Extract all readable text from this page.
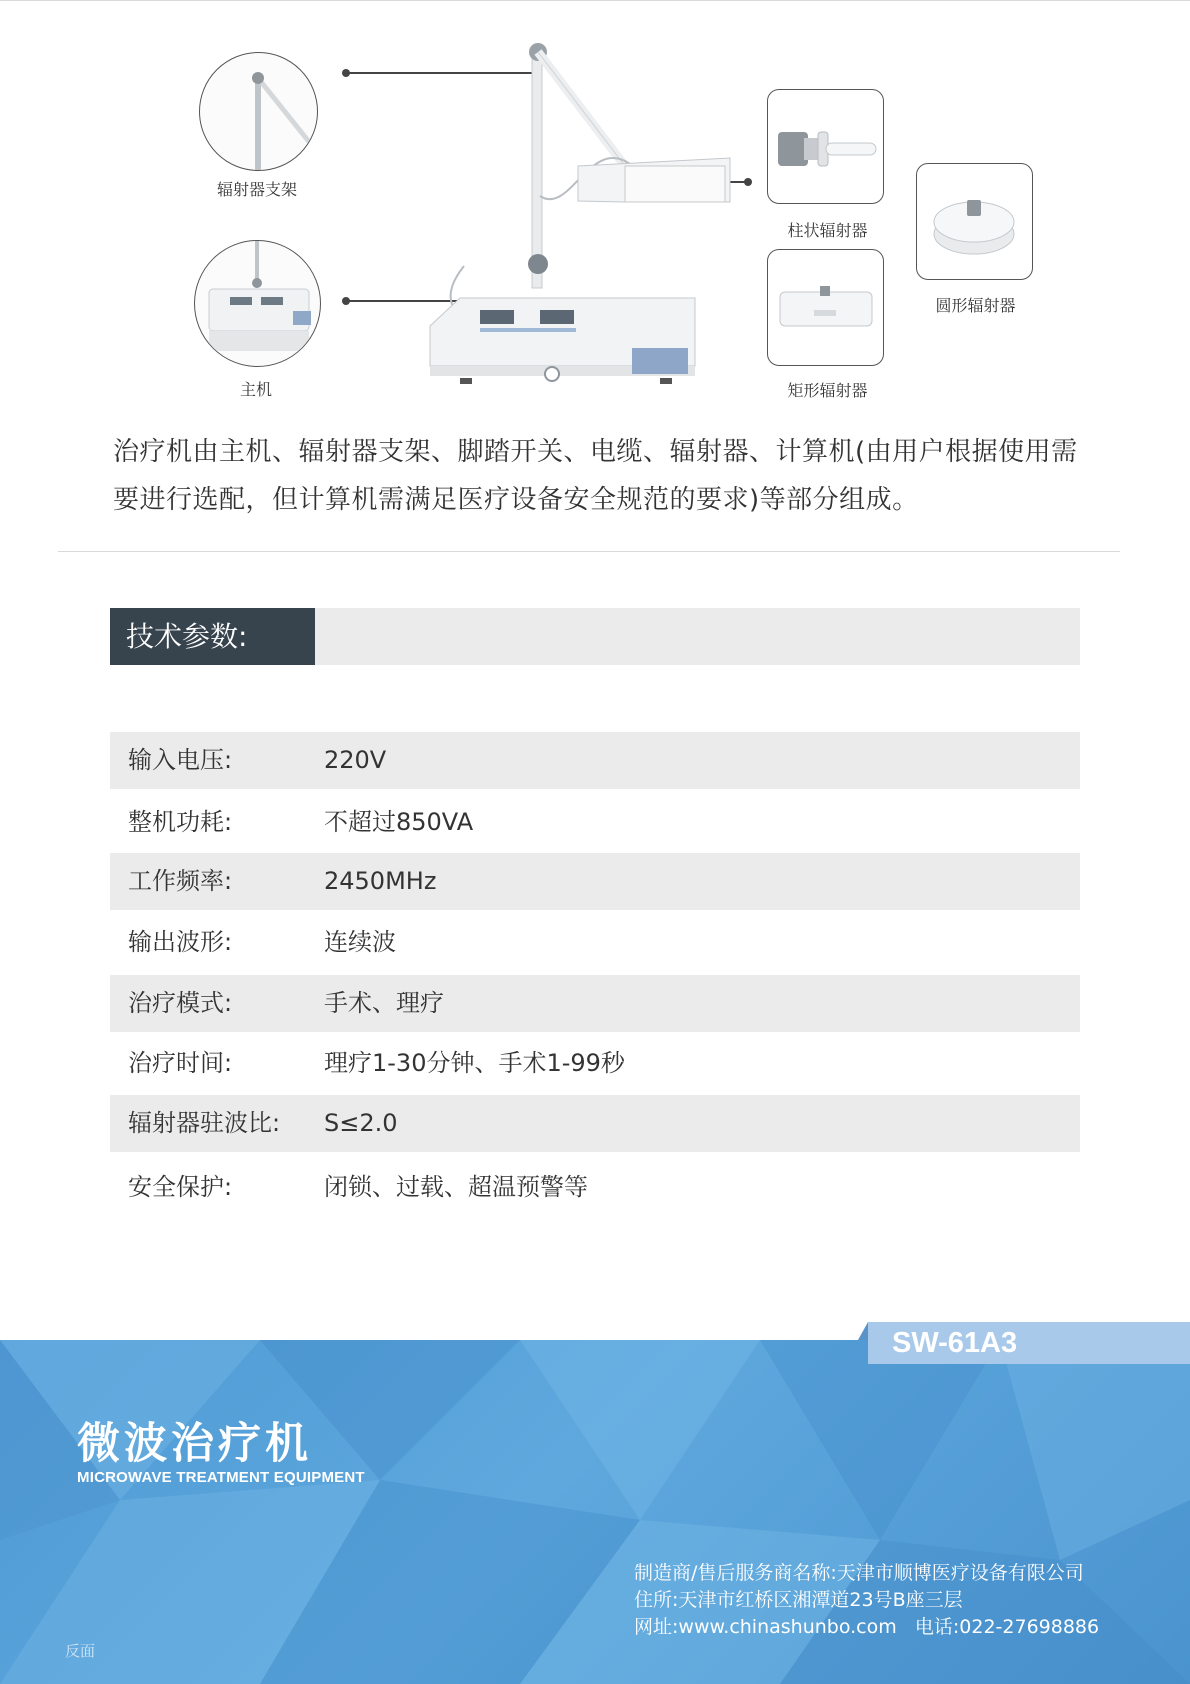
辐射器支架
主机
柱状辐射器
矩形辐射器
圆形辐射器
治疗机由主机、辐射器支架、脚踏开关、电缆、辐射器、计算机(由用户根据使用需要进行选配，但计算机需满足医疗设备安全规范的要求)等部分组成。
技术参数:
输入电压:	220V
整机功耗:	不超过850VA
工作频率:	2450MHz
输出波形:	连续波
治疗模式:	手术、理疗
治疗时间:	理疗1-30分钟、手术1-99秒
辐射器驻波比: S≤2.0
安全保护:	闭锁、过载、超温预警等
SW-61A3
微波治疗机
MICROWAVE TREATMENT EQUIPMENT
制造商/售后服务商名称:天津市顺博医疗设备有限公司
住所:天津市红桥区湘潭道23号B座三层
网址:www.chinashunbo.com   电话:022-27698886
反面
